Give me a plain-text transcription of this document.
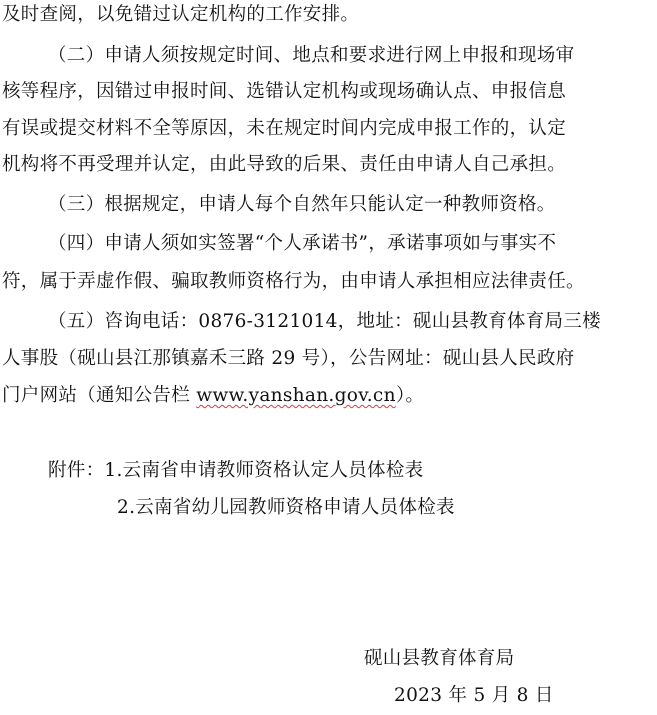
及时查阅，以免错过认定机构的工作安排。
（二）申请人须按规定时间、地点和要求进行网上申报和现场审
核等程序，因错过申报时间、选错认定机构或现场确认点、申报信息
有误或提交材料不全等原因，未在规定时间内完成申报工作的，认定
机构将不再受理并认定，由此导致的后果、责任由申请人自己承担。
（三）根据规定，申请人每个自然年只能认定一种教师资格。
（四）申请人须如实签署“个人承诺书”，承诺事项如与事实不
符，属于弄虚作假、骗取教师资格行为，由申请人承担相应法律责任。
（五）咨询电话：0876-3121014，地址：砚山县教育体育局三楼
人事股（砚山县江那镇嘉禾三路 29 号），公告网址：砚山县人民政府
门户网站（通知公告栏 www.yanshan.gov.cn）。
附件：1.云南省申请教师资格认定人员体检表
2.云南省幼儿园教师资格申请人员体检表
砚山县教育体育局
2023 年 5 月 8 日
